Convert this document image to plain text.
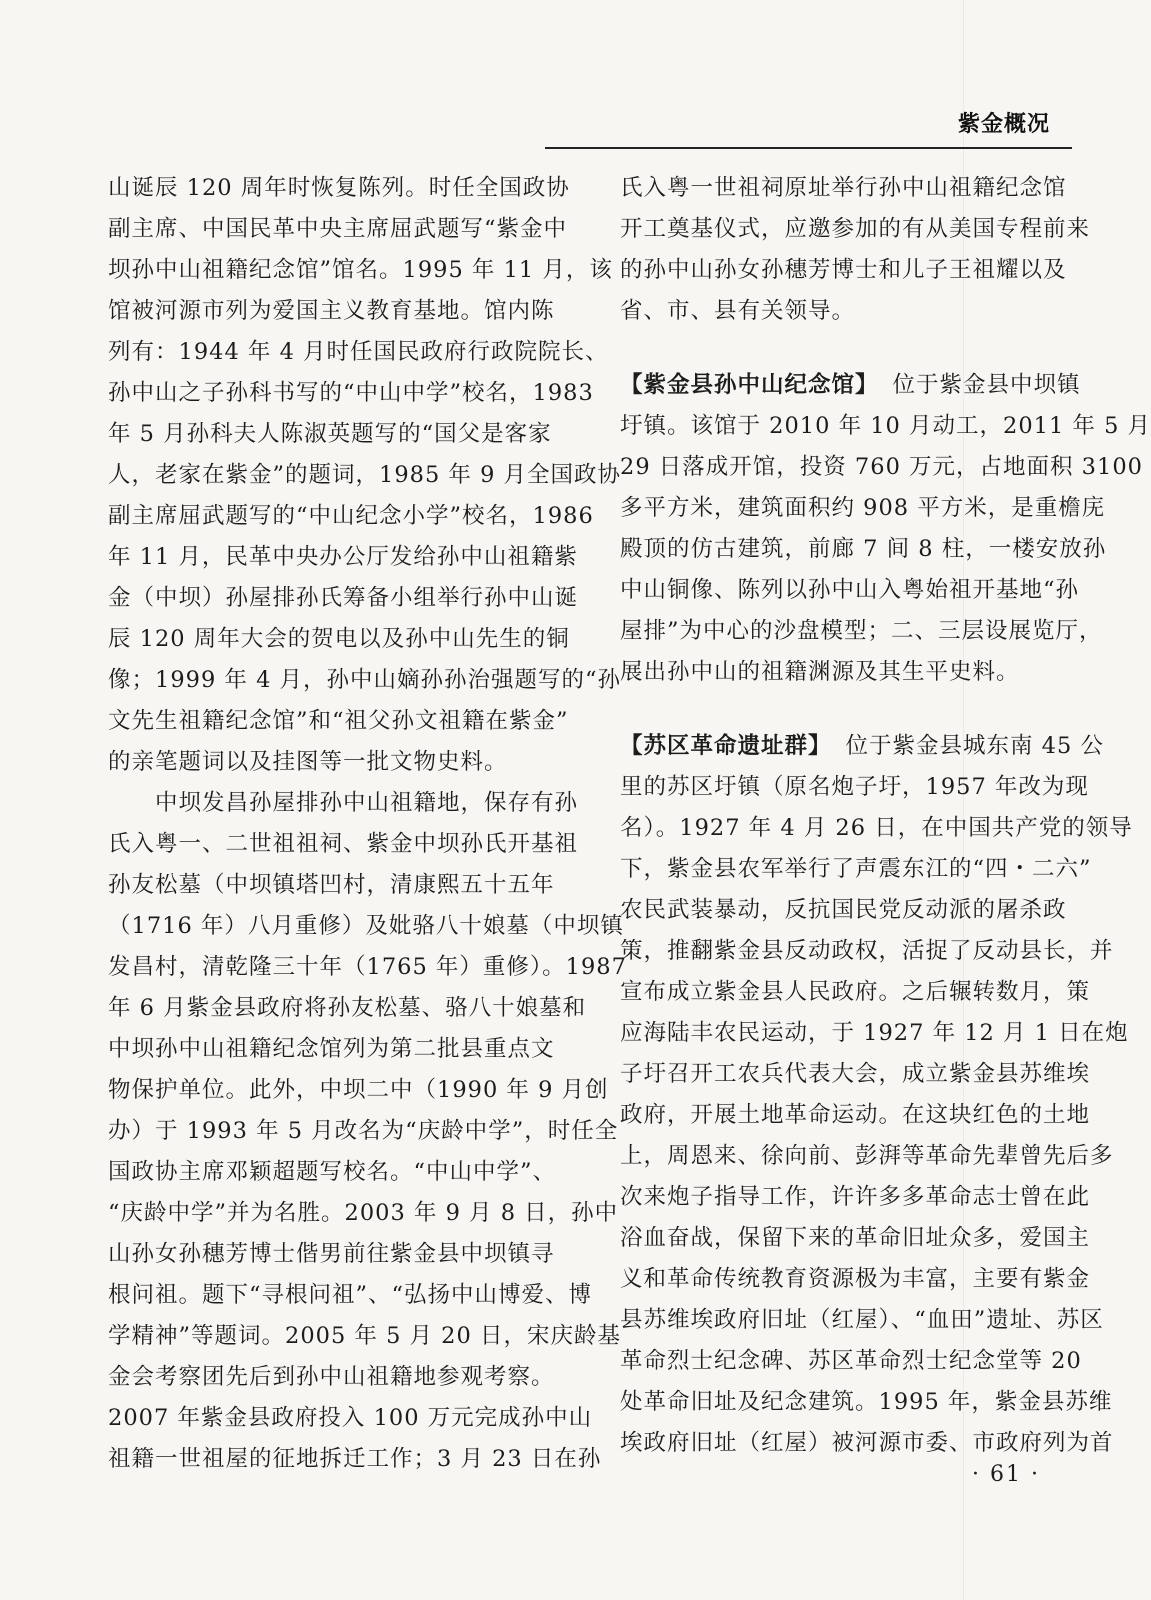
紫金概况
山诞辰 120 周年时恢复陈列。时任全国政协
副主席、中国民革中央主席屈武题写“紫金中
坝孙中山祖籍纪念馆”馆名。1995 年 11 月，该
馆被河源市列为爱国主义教育基地。馆内陈
列有：1944 年 4 月时任国民政府行政院院长、
孙中山之子孙科书写的“中山中学”校名，1983
年 5 月孙科夫人陈淑英题写的“国父是客家
人，老家在紫金”的题词，1985 年 9 月全国政协
副主席屈武题写的“中山纪念小学”校名，1986
年 11 月，民革中央办公厅发给孙中山祖籍紫
金（中坝）孙屋排孙氏筹备小组举行孙中山诞
辰 120 周年大会的贺电以及孙中山先生的铜
像；1999 年 4 月，孙中山嫡孙孙治强题写的“孙
文先生祖籍纪念馆”和“祖父孙文祖籍在紫金”
的亲笔题词以及挂图等一批文物史料。
　　中坝发昌孙屋排孙中山祖籍地，保存有孙
氏入粤一、二世祖祖祠、紫金中坝孙氏开基祖
孙友松墓（中坝镇塔凹村，清康熙五十五年
（1716 年）八月重修）及妣骆八十娘墓（中坝镇
发昌村，清乾隆三十年（1765 年）重修）。1987
年 6 月紫金县政府将孙友松墓、骆八十娘墓和
中坝孙中山祖籍纪念馆列为第二批县重点文
物保护单位。此外，中坝二中（1990 年 9 月创
办）于 1993 年 5 月改名为“庆龄中学”，时任全
国政协主席邓颖超题写校名。“中山中学”、
“庆龄中学”并为名胜。2003 年 9 月 8 日，孙中
山孙女孙穗芳博士偕男前往紫金县中坝镇寻
根问祖。题下“寻根问祖”、“弘扬中山博爱、博
学精神”等题词。2005 年 5 月 20 日，宋庆龄基
金会考察团先后到孙中山祖籍地参观考察。
2007 年紫金县政府投入 100 万元完成孙中山
祖籍一世祖屋的征地拆迁工作；3 月 23 日在孙
氏入粤一世祖祠原址举行孙中山祖籍纪念馆
开工奠基仪式，应邀参加的有从美国专程前来
的孙中山孙女孙穗芳博士和儿子王祖耀以及
省、市、县有关领导。
【紫金县孙中山纪念馆】 位于紫金县中坝镇
圩镇。该馆于 2010 年 10 月动工，2011 年 5 月
29 日落成开馆，投资 760 万元，占地面积 3100
多平方米，建筑面积约 908 平方米，是重檐庑
殿顶的仿古建筑，前廊 7 间 8 柱，一楼安放孙
中山铜像、陈列以孙中山入粤始祖开基地“孙
屋排”为中心的沙盘模型；二、三层设展览厅，
展出孙中山的祖籍渊源及其生平史料。
【苏区革命遗址群】 位于紫金县城东南 45 公
里的苏区圩镇（原名炮子圩，1957 年改为现
名）。1927 年 4 月 26 日，在中国共产党的领导
下，紫金县农军举行了声震东江的“四・二六”
农民武装暴动，反抗国民党反动派的屠杀政
策，推翻紫金县反动政权，活捉了反动县长，并
宣布成立紫金县人民政府。之后辗转数月，策
应海陆丰农民运动，于 1927 年 12 月 1 日在炮
子圩召开工农兵代表大会，成立紫金县苏维埃
政府，开展土地革命运动。在这块红色的土地
上，周恩来、徐向前、彭湃等革命先辈曾先后多
次来炮子指导工作，许许多多革命志士曾在此
浴血奋战，保留下来的革命旧址众多，爱国主
义和革命传统教育资源极为丰富，主要有紫金
县苏维埃政府旧址（红屋）、“血田”遗址、苏区
革命烈士纪念碑、苏区革命烈士纪念堂等 20
处革命旧址及纪念建筑。1995 年，紫金县苏维
埃政府旧址（红屋）被河源市委、市政府列为首
· 61 ·
